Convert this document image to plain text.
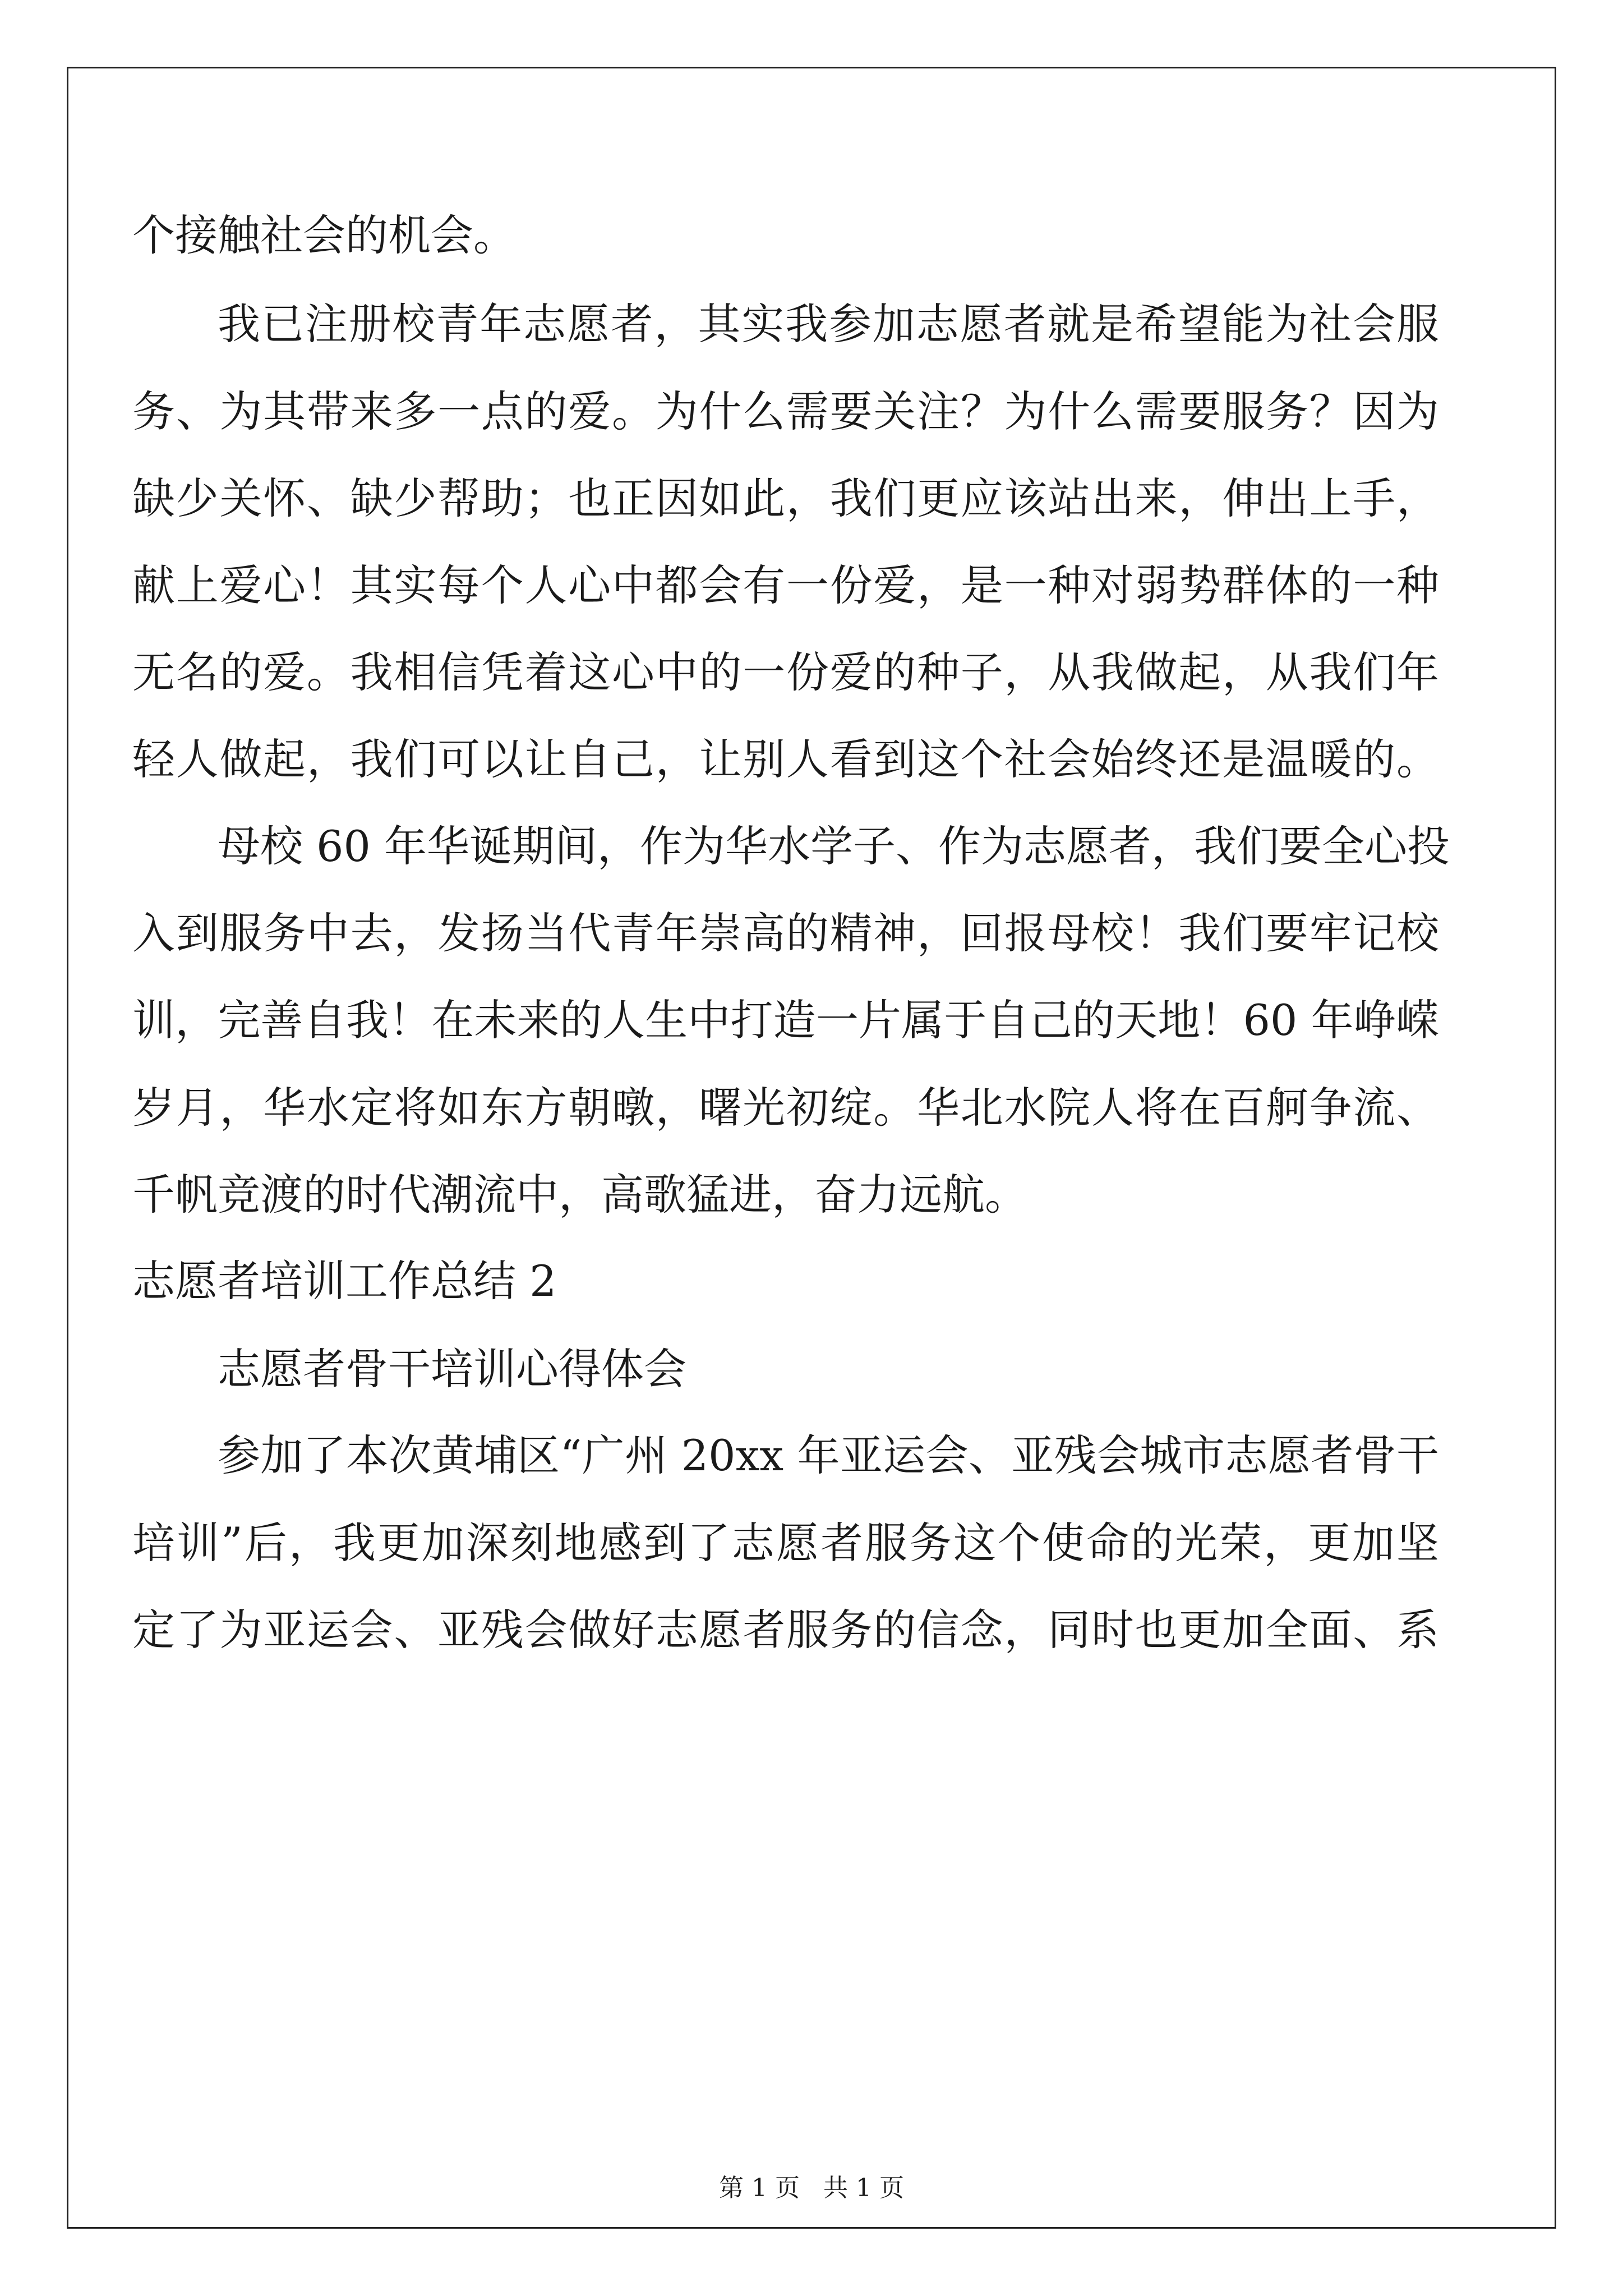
个接触社会的机会。
我已注册校青年志愿者，其实我参加志愿者就是希望能为社会服
务、为其带来多一点的爱。为什么需要关注？为什么需要服务？因为
缺少关怀、缺少帮助；也正因如此，我们更应该站出来，伸出上手，
献上爱心！其实每个人心中都会有一份爱，是一种对弱势群体的一种
无名的爱。我相信凭着这心中的一份爱的种子，从我做起，从我们年
轻人做起，我们可以让自己，让别人看到这个社会始终还是温暖的。
母校 60 年华诞期间，作为华水学子、作为志愿者，我们要全心投
入到服务中去，发扬当代青年崇高的精神，回报母校！我们要牢记校
训，完善自我！在未来的人生中打造一片属于自己的天地！60 年峥嵘
岁月，华水定将如东方朝暾，曙光初绽。华北水院人将在百舸争流、
千帆竞渡的时代潮流中，高歌猛进，奋力远航。
志愿者培训工作总结 2
志愿者骨干培训心得体会
参加了本次黄埔区“广州 20xx 年亚运会、亚残会城市志愿者骨干
培训”后，我更加深刻地感到了志愿者服务这个使命的光荣，更加坚
定了为亚运会、亚残会做好志愿者服务的信念，同时也更加全面、系
第 1 页   共 1 页
